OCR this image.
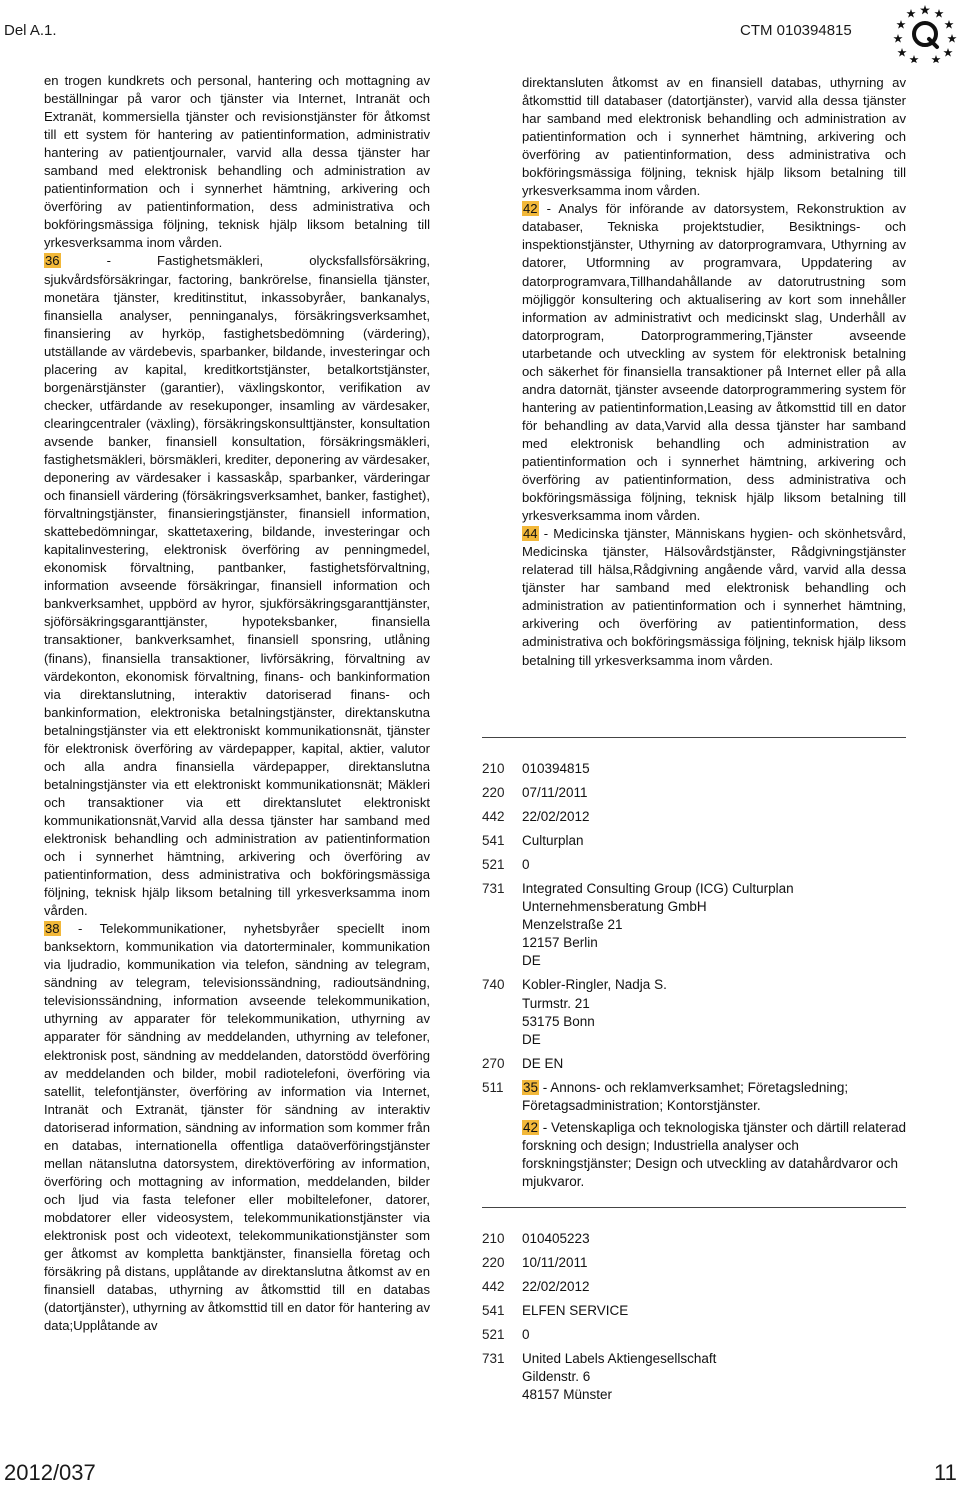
Del A.1.	CTM 010394815

en trogen kundkrets och personal, hantering och mottagning av beställningar på varor och tjänster via Internet, Intranät och Extranät, kommersiella tjänster och revisionstjänster för åtkomst till ett system för hantering av patientinformation, administrativ hantering av patientjournaler, varvid alla dessa tjänster har samband med elektronisk behandling och administration av patientinformation och i synnerhet hämtning, arkivering och överföring av patientinformation, dess administrativa och bokföringsmässiga följning, teknisk hjälp liksom betalning till yrkesverksamma inom vården.

36 - Fastighetsmäkleri, olycksfallsförsäkring, sjukvårdsförsäkringar, factoring, bankrörelse, finansiella tjänster, monetära tjänster, kreditinstitut, inkassobyråer, bankanalys, finansiella analyser, penninganalys, försäkringsverksamhet, finansiering av hyrköp, fastighetsbedömning (värdering), utställande av värdebevis, sparbanker, bildande, investeringar och placering av kapital, kreditkortstjänster, betalkortstjänster, borgenärstjänster (garantier), växlingskontor, verifikation av checker, utfärdande av resekuponger, insamling av värdesaker, clearingcentraler (växling), försäkringskonsulttjänster, konsultation avsende banker, finansiell konsultation, försäkringsmäkleri, fastighetsmäkleri, börsmäkleri, krediter, deponering av värdesaker, deponering av värdesaker i kassaskåp, sparbanker, värderingar och finansiell värdering (försäkringsverksamhet, banker, fastighet), förvaltningstjänster, finansieringstjänster, finansiell information, skattebedömningar, skattetaxering, bildande, investeringar och kapitalinvestering, elektronisk överföring av penningmedel, ekonomisk förvaltning, pantbanker, fastighetsförvaltning, information avseende försäkringar, finansiell information och bankverksamhet, uppbörd av hyror, sjukförsäkringsgaranttjänster, sjöförsäkringsgaranttjänster, hypoteksbanker, finansiella transaktioner, bankverksamhet, finansiell sponsring, utlåning (finans), finansiella transaktioner, livförsäkring, förvaltning av värdekonton, ekonomisk förvaltning, finans- och bankinformation via direktanslutning, interaktiv datoriserad finans- och bankinformation, elektroniska betalningstjänster, direktanskutna betalningstjänster via ett elektroniskt kommunikationsnät, tjänster för elektronisk överföring av värdepapper, kapital, aktier, valutor och alla andra finansiella värdepapper, direktanslutna betalningstjänster via ett elektroniskt kommunikationsnät; Mäkleri och transaktioner via ett direktanslutet elektroniskt kommunikationsnät,Varvid alla dessa tjänster har samband med elektronisk behandling och administration av patientinformation och i synnerhet hämtning, arkivering och överföring av patientinformation, dess administrativa och bokföringsmässiga följning, teknisk hjälp liksom betalning till yrkesverksamma inom vården.

38 - Telekommunikationer, nyhetsbyråer speciellt inom banksektorn, kommunikation via datorterminaler, kommunikation via ljudradio, kommunikation via telefon, sändning av telegram, sändning av telegram, televisionssändning, radioutsändning, televisionssändning, information avseende telekommunikation, uthyrning av apparater för telekommunikation, uthyrning av apparater för sändning av meddelanden, uthyrning av telefoner, elektronisk post, sändning av meddelanden, datorstödd överföring av meddelanden och bilder, mobil radiotelefoni, överföring via satellit, telefontjänster, överföring av information via Internet, Intranät och Extranät, tjänster för sändning av interaktiv datoriserad information, sändning av information som kommer från en databas, internationella offentliga dataöverföringstjänster mellan nätanslutna datorsystem, direktöverföring av information, överföring och mottagning av information, meddelanden, bilder och ljud via fasta telefoner eller mobiltelefoner, datorer, mobdatorer eller videosystem, telekommunikationstjänster via elektronisk post och videotext, telekommunikationstjänster som ger åtkomst av kompletta banktjänster, finansiella företag och försäkring på distans, upplåtande av direktanslutna åtkomst av en finansiell databas, uthyrning av åtkomsttid till en databas (datortjänster), uthyrning av åtkomsttid till en dator för hantering av data;Upplåtande av

direktansluten åtkomst av en finansiell databas, uthyrning av åtkomsttid till databaser (datortjänster), varvid alla dessa tjänster har samband med elektronisk behandling och administration av patientinformation och i synnerhet hämtning, arkivering och överföring av patientinformation, dess administrativa och bokföringsmässiga följning, teknisk hjälp liksom betalning till yrkesverksamma inom vården.

42 - Analys för införande av datorsystem, Rekonstruktion av databaser, Tekniska projektstudier, Besiktnings- och inspektionstjänster, Uthyrning av datorprogramvara, Uthyrning av datorer, Utformning av programvara, Uppdatering av datorprogramvara,Tillhandahållande av datorutrustning som möjliggör konsultering och aktualisering av kort som innehåller information av administrativt och medicinskt slag, Underhåll av datorprogram, Datorprogrammering,Tjänster avseende utarbetande och utveckling av system för elektronisk betalning och säkerhet för finansiella transaktioner på Internet eller på alla andra datornät, tjänster avseende datorprogrammering system för hantering av patientinformation,Leasing av åtkomsttid till en dator för behandling av data,Varvid alla dessa tjänster har samband med elektronisk behandling och administration av patientinformation och i synnerhet hämtning, arkivering och överföring av patientinformation, dess administrativa och bokföringsmässiga följning, teknisk hjälp liksom betalning till yrkesverksamma inom vården.

44 - Medicinska tjänster, Människans hygien- och skönhetsvård, Medicinska tjänster, Hälsovårdstjänster, Rådgivningstjänster relaterad till hälsa,Rådgivning angående vård, varvid alla dessa tjänster har samband med elektronisk behandling och administration av patientinformation och i synnerhet hämtning, arkivering och överföring av patientinformation, dess administrativa och bokföringsmässiga följning, teknisk hjälp liksom betalning till yrkesverksamma inom vården.

210	010394815
220	07/11/2011
442	22/02/2012
541	Culturplan
521	0
731	Integrated Consulting Group (ICG) Culturplan

Unternehmensberatung GmbH

Menzelstraße 21

12157 Berlin

DE

740	Kobler-Ringler, Nadja S.

Turmstr. 21

53175 Bonn

DE

270	DE EN
511	35 - Annons- och reklamverksamhet; Företagsledning; Företagsadministration; Kontorstjänster.

42 - Vetenskapliga och teknologiska tjänster och därtill relaterad forskning och design; Industriella analyser och forskningstjänster; Design och utveckling av datahårdvaror och mjukvaror.

210	010405223
220	10/11/2011
442	22/02/2012
541	ELFEN SERVICE
521	0
731	United Labels Aktiengesellschaft

Gildenstr. 6

48157 Münster

2012/037	11
